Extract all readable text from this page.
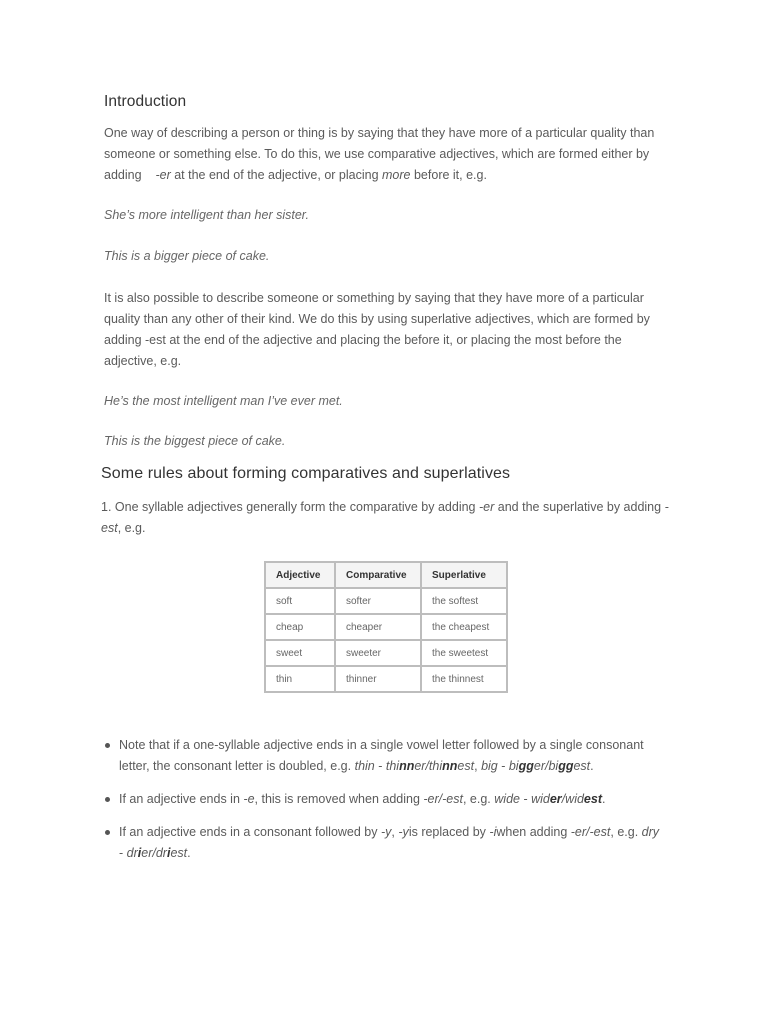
Introduction
One way of describing a person or thing is by saying that they have more of a particular quality than someone or something else. To do this, we use comparative adjectives, which are formed either by adding -er at the end of the adjective, or placing more before it, e.g.
She’s more intelligent than her sister.
This is a bigger piece of cake.
It is also possible to describe someone or something by saying that they have more of a particular quality than any other of their kind. We do this by using superlative adjectives, which are formed by adding -est at the end of the adjective and placing the before it, or placing the most before the adjective, e.g.
He’s the most intelligent man I’ve ever met.
This is the biggest piece of cake.
Some rules about forming comparatives and superlatives
1. One syllable adjectives generally form the comparative by adding -er and the superlative by adding -est, e.g.
Adjective	Comparative	Superlative
soft	softer	the softest
cheap	cheaper	the cheapest
sweet	sweeter	the sweetest
thin	thinner	the thinnest
Note that if a one-syllable adjective ends in a single vowel letter followed by a single consonant letter, the consonant letter is doubled, e.g. thin - thinner/thinnest, big - bigger/biggest.
If an adjective ends in -e, this is removed when adding -er/-est, e.g. wide - wider/widest.
If an adjective ends in a consonant followed by -y, -yis replaced by -iwhen adding -er/-est, e.g. dry - drier/driest.
